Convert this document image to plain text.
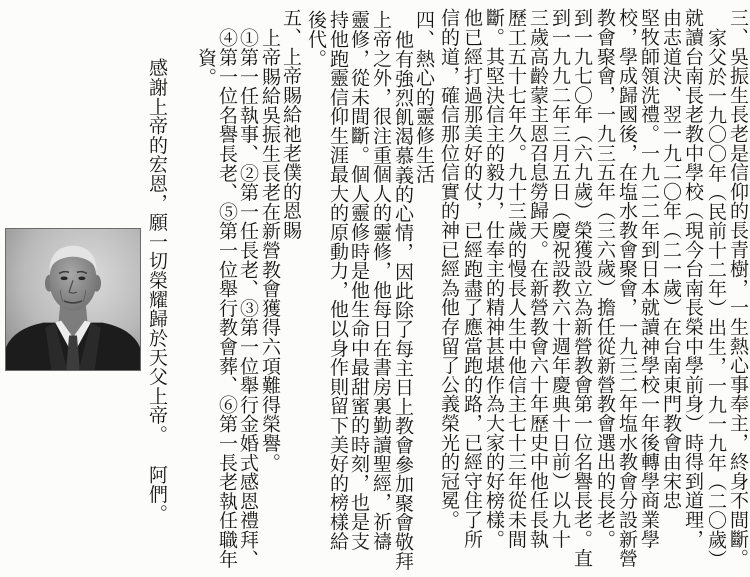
三、吳振生長老是信仰的長青樹，一生熱心事奉主，終身不間斷。
家父於一九〇〇年（民前十二年）出生，一九一九年（二〇歲）
就讀台南長老教中學校（現今台南長榮中學前身）時得到道理，
由志道決、翌一九二〇年（二一歲）在台南東門教會由宋忠
堅牧師領洗禮。一九二二年到日本就讀神學校一年後轉學商業學
校，學成歸國後，在塩水教會聚會，一九三二年塩水教會分設新營
教會聚會，一九三五年（三六歲）擔任從新營教會選出的長老。
到一九七〇年（六九歲）榮獲設立為新營教會第一位名譽長老。直
到一九九二年三月五日（慶祝設教六十週年慶典十日前）以九十
三歲高齡蒙主恩召息勞歸天。在新營教會六十年歷史中他任長執
歷工五十七年久。九十三歲的慢長人生中他信主七十三年從未間
斷。其堅決信主的毅力，仕奉主的精神甚堪作為大家的好榜樣。
他已經打過那美好的仗，已經跑盡了應當跑的路，已經守住了所
信的道，確信那位信實的神已經為他存留了公義榮光的冠冕。
四、熱心的靈修生活
他有強烈飢渴慕義的心情，因此除了每主日上教會參加聚會敬拜
上帝之外，很注重個人的靈修，他每日在書房裏勤讀聖經，祈禱
靈修，從未間斷。個人靈修時是他生命中最甜蜜的時刻，也是支
持他跑靈信仰生涯最大的原動力，他以身作則留下美好的榜樣給
後代。
五、上帝賜給祂老僕的恩賜
上帝賜給吳振生長老在新營教會獲得六項難得榮譽。
①第一任執事、②第一任長老、③第一位舉行金婚式感恩禮拜、
④第一位名譽長老、⑤第一位舉行教會葬、⑥第一長老執任職年
資。
感謝上帝的宏恩，願一切榮耀歸於天父上帝。
阿們。
